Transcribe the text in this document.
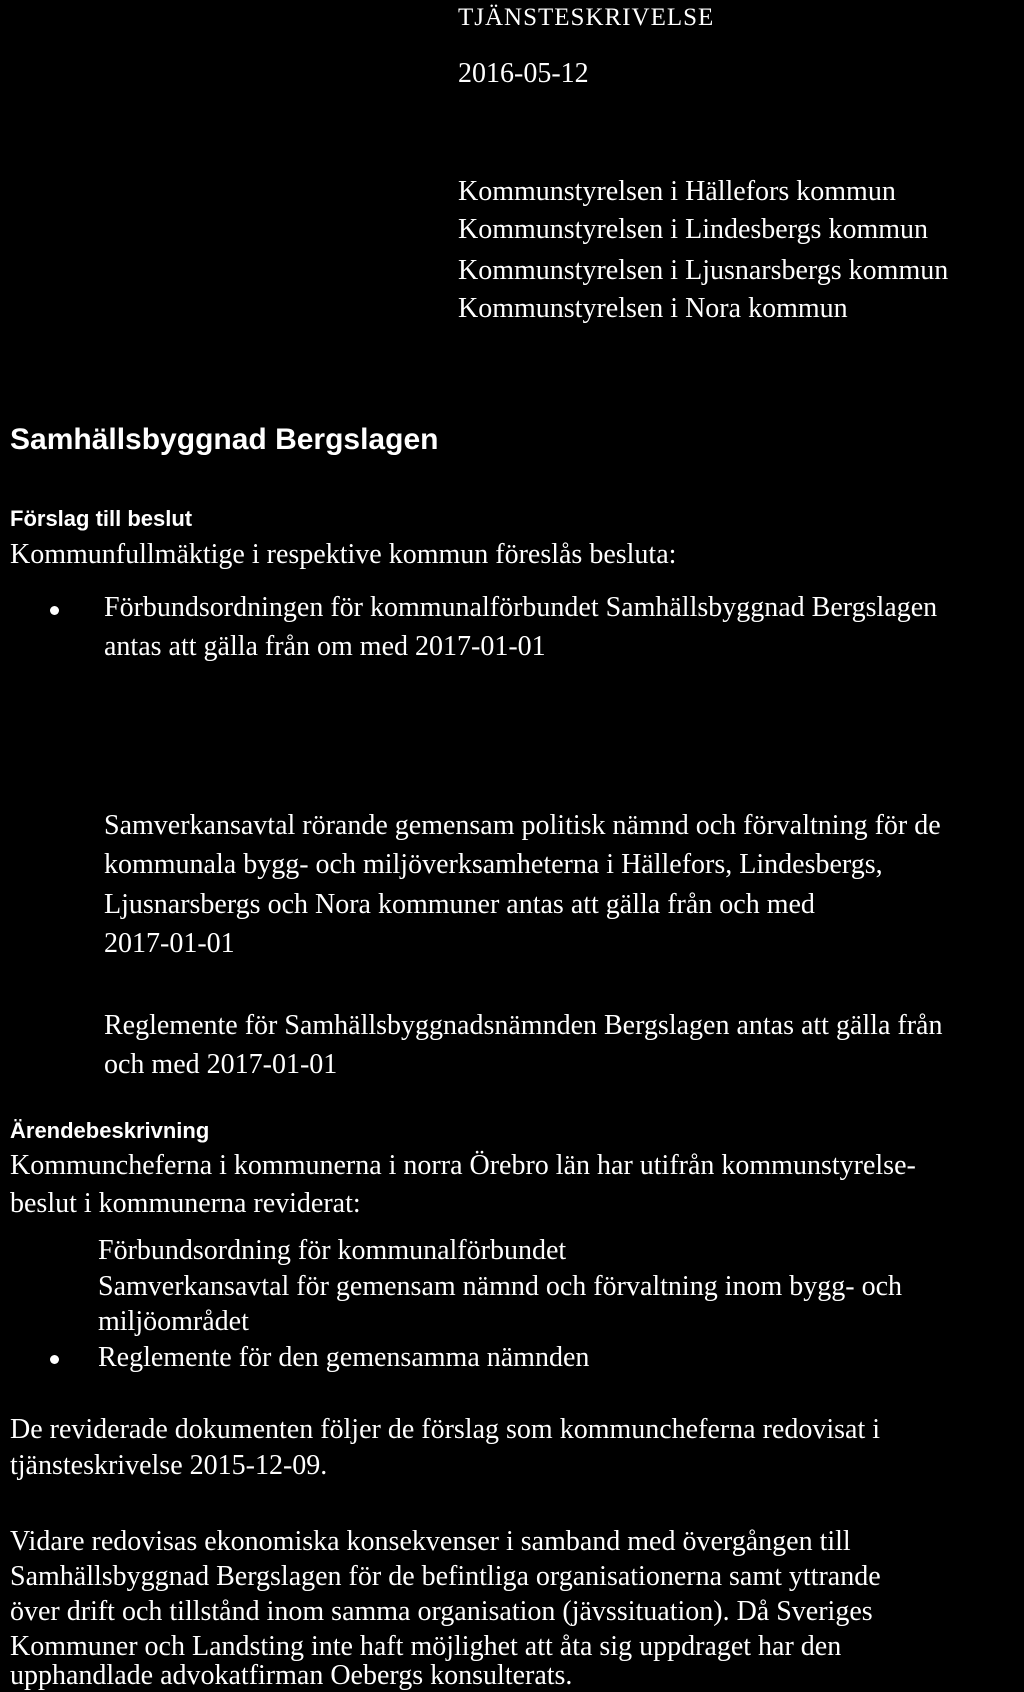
TJÄNSTESKRIVELSE
2016-05-12
Kommunstyrelsen i Hällefors kommun
Kommunstyrelsen i Lindesbergs kommun
Kommunstyrelsen i Ljusnarsbergs kommun
Kommunstyrelsen i Nora kommun
Samhällsbyggnad Bergslagen
Förslag till beslut
Kommunfullmäktige i respektive kommun föreslås besluta:
Förbundsordningen för kommunalförbundet Samhällsbyggnad Bergslagen
antas att gälla från om med 2017-01-01
Samverkansavtal rörande gemensam politisk nämnd och förvaltning för de
kommunala bygg- och miljöverksamheterna i Hällefors, Lindesbergs,
Ljusnarsbergs och Nora kommuner antas att gälla från och med
2017-01-01
Reglemente för Samhällsbyggnadsnämnden Bergslagen antas att gälla från
och med 2017-01-01
Ärendebeskrivning
Kommuncheferna i kommunerna i norra Örebro län har utifrån kommunstyrelse-
beslut i kommunerna reviderat:
Förbundsordning för kommunalförbundet
Samverkansavtal för gemensam nämnd och förvaltning inom bygg- och
miljöområdet
Reglemente för den gemensamma nämnden
De reviderade dokumenten följer de förslag som kommuncheferna redovisat i
tjänsteskrivelse 2015-12-09.
Vidare redovisas ekonomiska konsekvenser i samband med övergången till
Samhällsbyggnad Bergslagen för de befintliga organisationerna samt yttrande
över drift och tillstånd inom samma organisation (jävssituation). Då Sveriges
Kommuner och Landsting inte haft möjlighet att åta sig uppdraget har den
upphandlade advokatfirman Oebergs konsulterats.
